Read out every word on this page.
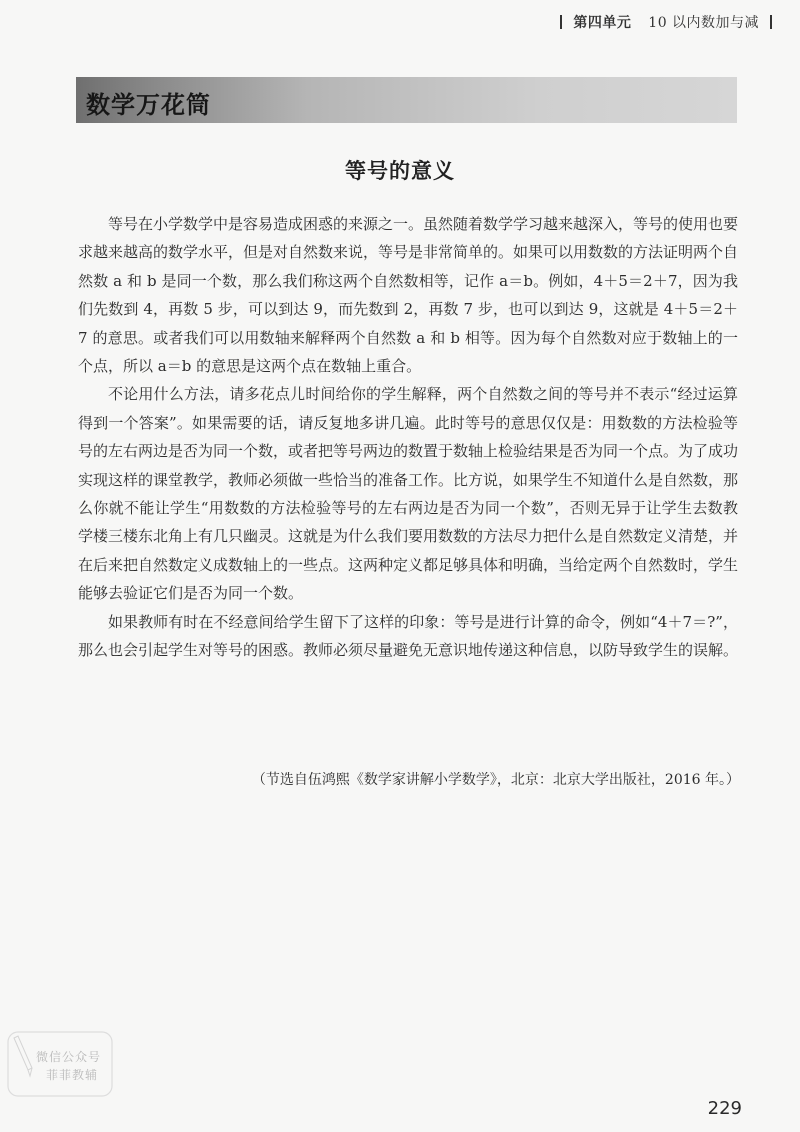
第四单元 10 以内数加与减
数学万花筒
等号的意义

等号在小学数学中是容易造成困惑的来源之一。虽然随着数学学习越来越深入，等号的使用也要求越来越高的数学水平，但是对自然数来说，等号是非常简单的。如果可以用数数的方法证明两个自然数 a 和 b 是同一个数，那么我们称这两个自然数相等，记作 a＝b。例如，4＋5＝2＋7，因为我们先数到 4，再数 5 步，可以到达 9，而先数到 2，再数 7 步，也可以到达 9，这就是 4＋5＝2＋7 的意思。或者我们可以用数轴来解释两个自然数 a 和 b 相等。因为每个自然数对应于数轴上的一个点，所以 a＝b 的意思是这两个点在数轴上重合。

不论用什么方法，请多花点儿时间给你的学生解释，两个自然数之间的等号并不表示“经过运算得到一个答案”。如果需要的话，请反复地多讲几遍。此时等号的意思仅仅是：用数数的方法检验等号的左右两边是否为同一个数，或者把等号两边的数置于数轴上检验结果是否为同一个点。为了成功实现这样的课堂教学，教师必须做一些恰当的准备工作。比方说，如果学生不知道什么是自然数，那么你就不能让学生“用数数的方法检验等号的左右两边是否为同一个数”，否则无异于让学生去数教学楼三楼东北角上有几只幽灵。这就是为什么我们要用数数的方法尽力把什么是自然数定义清楚，并在后来把自然数定义成数轴上的一些点。这两种定义都足够具体和明确，当给定两个自然数时，学生能够去验证它们是否为同一个数。

如果教师有时在不经意间给学生留下了这样的印象：等号是进行计算的命令，例如“4＋7＝?”，那么也会引起学生对等号的困惑。教师必须尽量避免无意识地传递这种信息，以防导致学生的误解。

（节选自伍鸿熙《数学家讲解小学数学》，北京：北京大学出版社，2016 年。）
微信公众号
菲菲教辅
229
